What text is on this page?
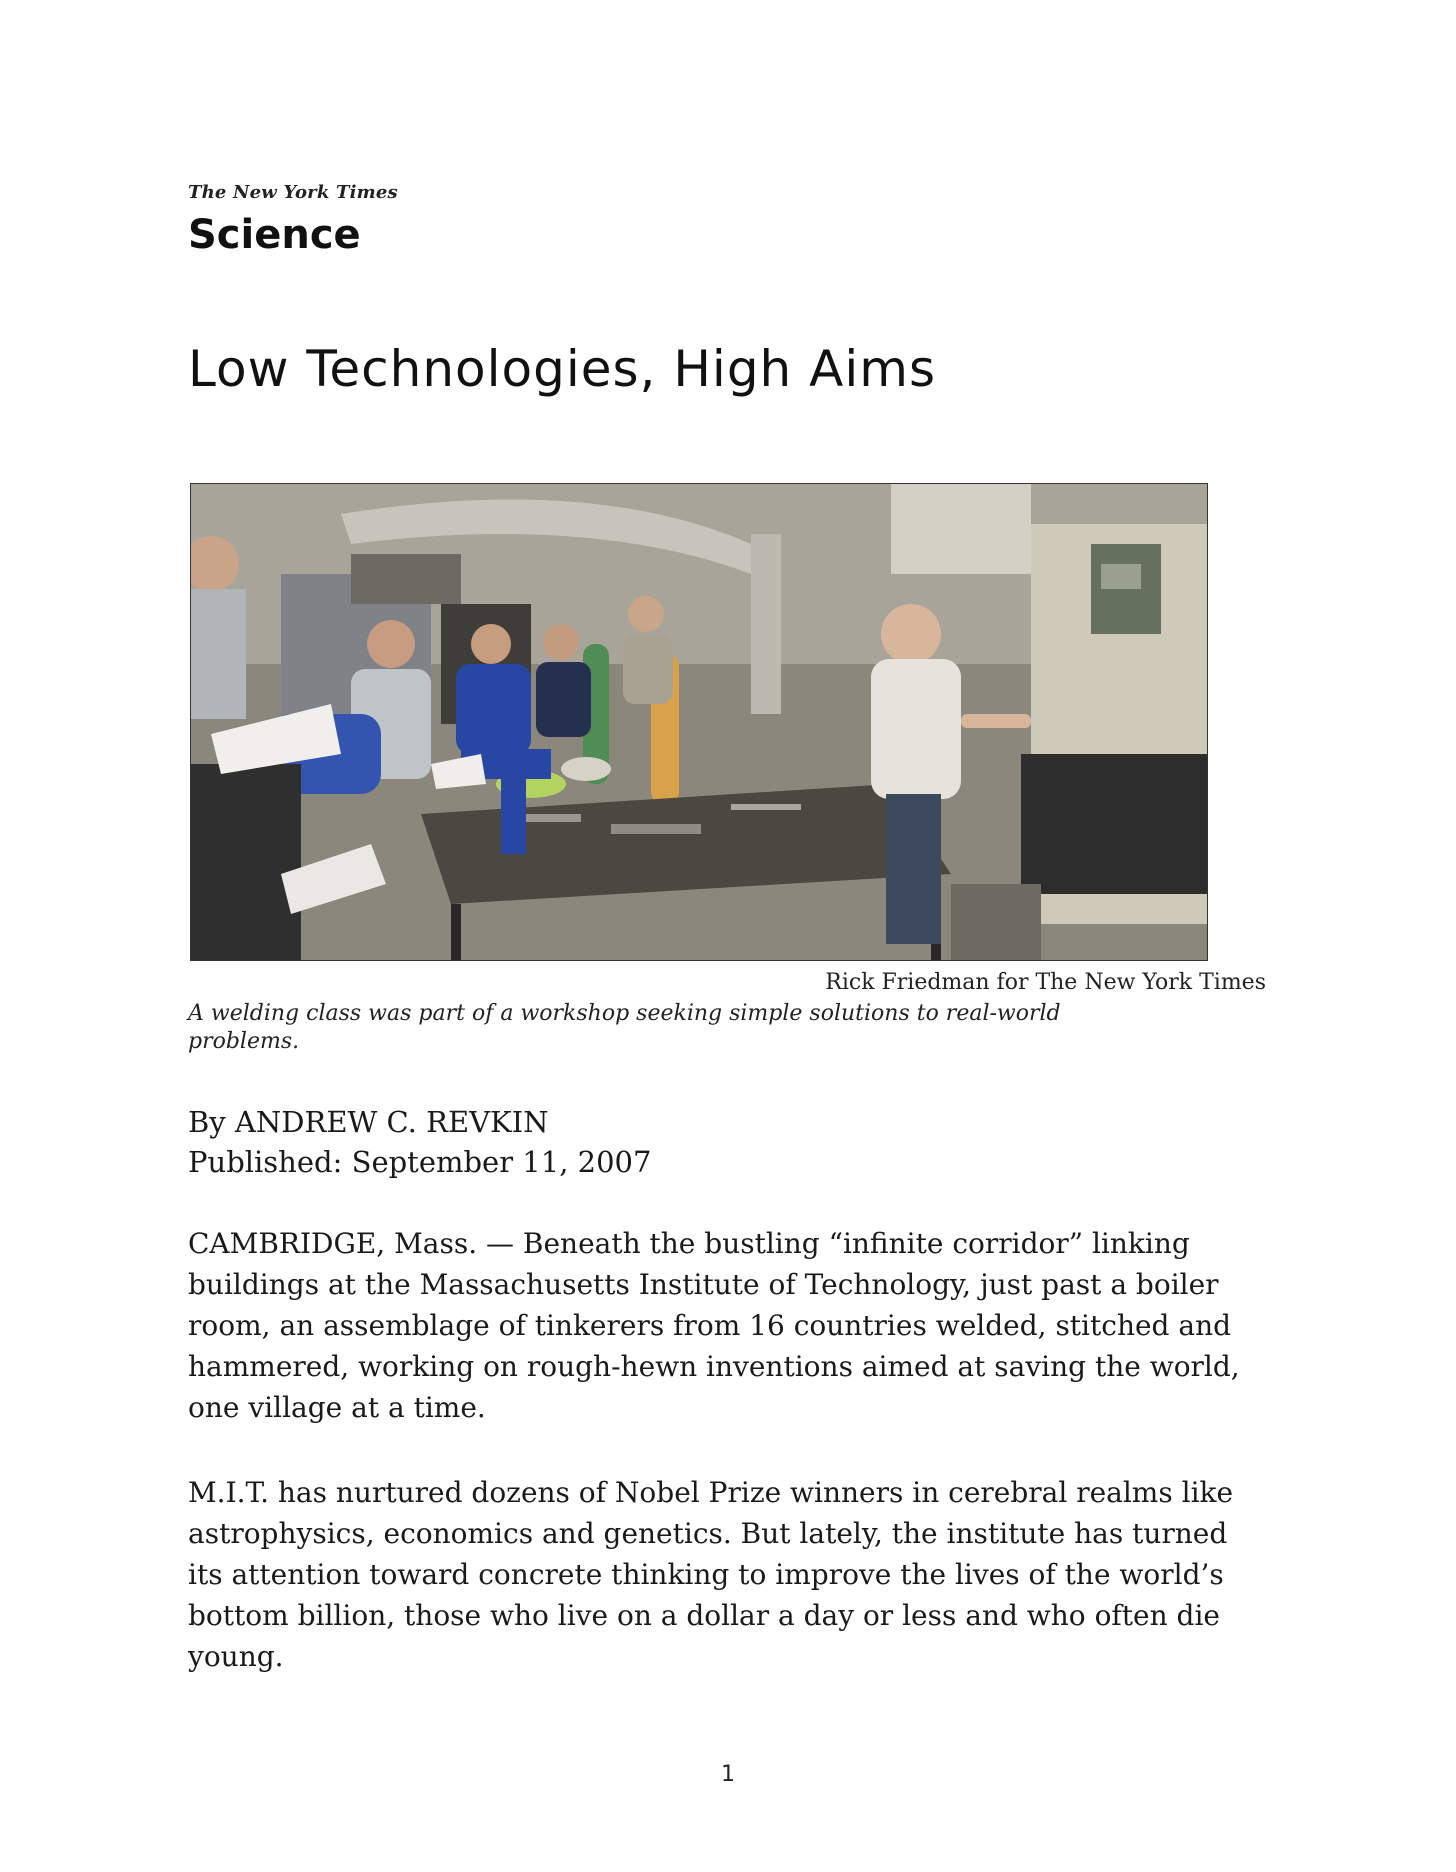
The New York Times
Science
Low Technologies, High Aims
Rick Friedman for The New York Times
A welding class was part of a workshop seeking simple solutions to real-world problems.
By ANDREW C. REVKIN
Published: September 11, 2007

CAMBRIDGE, Mass. — Beneath the bustling “infinite corridor” linking buildings at the Massachusetts Institute of Technology, just past a boiler room, an assemblage of tinkerers from 16 countries welded, stitched and hammered, working on rough-hewn inventions aimed at saving the world, one village at a time.

M.I.T. has nurtured dozens of Nobel Prize winners in cerebral realms like astrophysics, economics and genetics. But lately, the institute has turned its attention toward concrete thinking to improve the lives of the world’s bottom billion, those who live on a dollar a day or less and who often die young.

1
